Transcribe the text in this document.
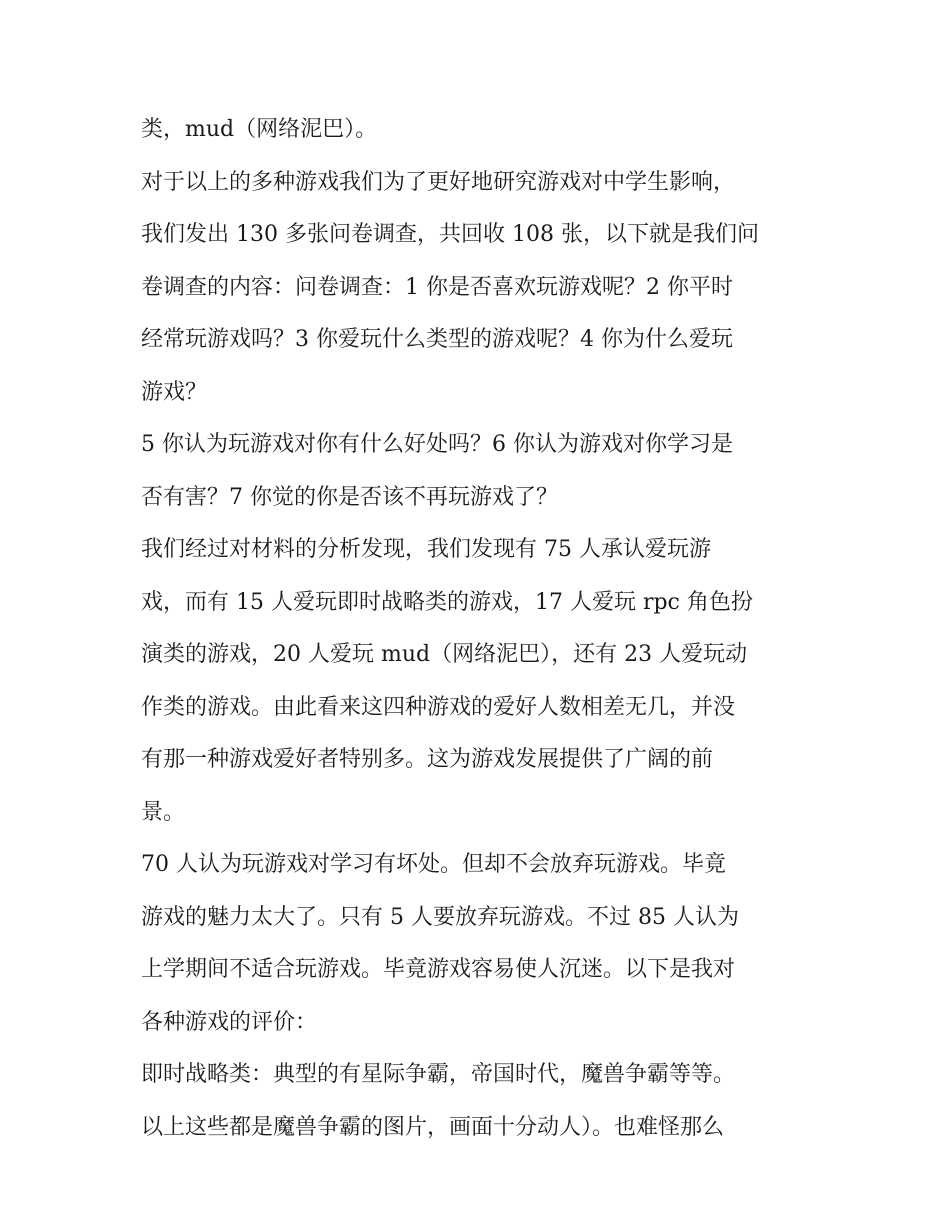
类，mud（网络泥巴）。
对于以上的多种游戏我们为了更好地研究游戏对中学生影响，
我们发出 130 多张问卷调查，共回收 108 张，以下就是我们问
卷调查的内容：问卷调查：1 你是否喜欢玩游戏呢？2 你平时
经常玩游戏吗？3 你爱玩什么类型的游戏呢？4 你为什么爱玩
游戏？
5 你认为玩游戏对你有什么好处吗？6 你认为游戏对你学习是
否有害？7 你觉的你是否该不再玩游戏了？
我们经过对材料的分析发现，我们发现有 75 人承认爱玩游
戏，而有 15 人爱玩即时战略类的游戏，17 人爱玩 rpc 角色扮
演类的游戏，20 人爱玩 mud（网络泥巴），还有 23 人爱玩动
作类的游戏。由此看来这四种游戏的爱好人数相差无几，并没
有那一种游戏爱好者特别多。这为游戏发展提供了广阔的前
景。
70 人认为玩游戏对学习有坏处。但却不会放弃玩游戏。毕竟
游戏的魅力太大了。只有 5 人要放弃玩游戏。不过 85 人认为
上学期间不适合玩游戏。毕竟游戏容易使人沉迷。以下是我对
各种游戏的评价：
即时战略类：典型的有星际争霸，帝国时代，魔兽争霸等等。
以上这些都是魔兽争霸的图片，画面十分动人）。也难怪那么
